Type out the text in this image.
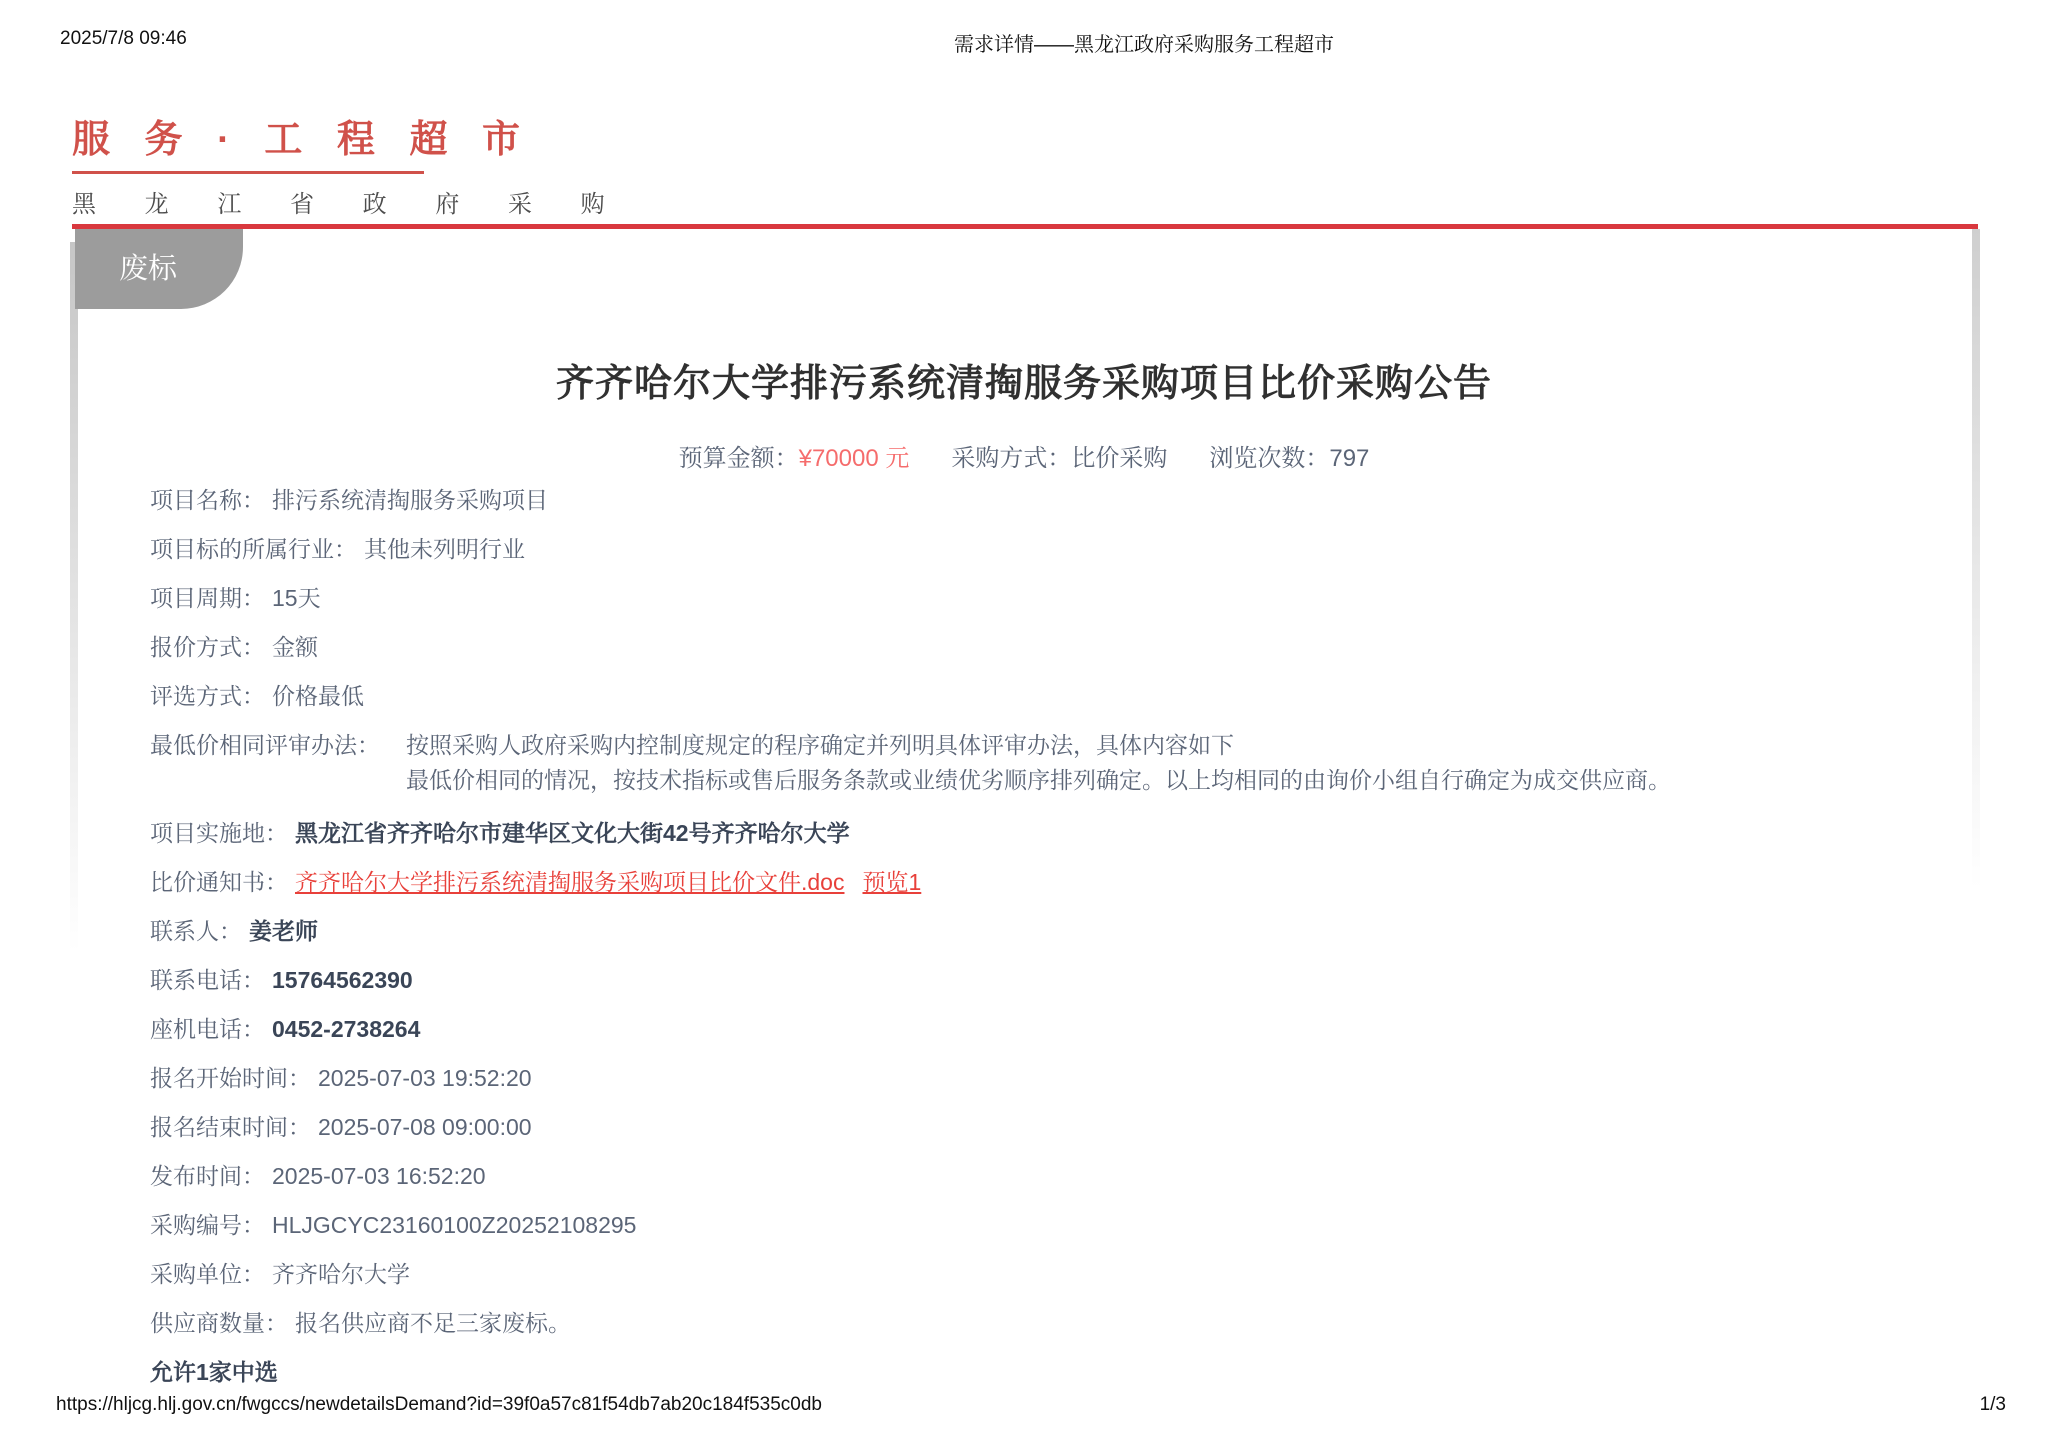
2025/7/8 09:46	需求详情——黑龙江政府采购服务工程超市
服 务 · 工 程 超 市
黑 龙 江 省 政 府 采 购
废标
齐齐哈尔大学排污系统清掏服务采购项目比价采购公告
预算金额：¥70000 元 采购方式：比价采购 浏览次数：797
项目名称： 排污系统清掏服务采购项目
项目标的所属行业： 其他未列明行业
项目周期： 15天
报价方式： 金额
评选方式： 价格最低
最低价相同评审办法： 按照采购人政府采购内控制度规定的程序确定并列明具体评审办法，具体内容如下
最低价相同的情况，按技术指标或售后服务条款或业绩优劣顺序排列确定。以上均相同的由询价小组自行确定为成交供应商。
项目实施地： 黑龙江省齐齐哈尔市建华区文化大街42号齐齐哈尔大学
比价通知书： 齐齐哈尔大学排污系统清掏服务采购项目比价文件.doc 预览1
联系人： 姜老师
联系电话： 15764562390
座机电话： 0452-2738264
报名开始时间： 2025-07-03 19:52:20
报名结束时间： 2025-07-08 09:00:00
发布时间： 2025-07-03 16:52:20
采购编号： HLJGCYC23160100Z20252108295
采购单位： 齐齐哈尔大学
供应商数量： 报名供应商不足三家废标。
允许1家中选
https://hljcg.hlj.gov.cn/fwgccs/newdetailsDemand?id=39f0a57c81f54db7ab20c184f535c0db	1/3
